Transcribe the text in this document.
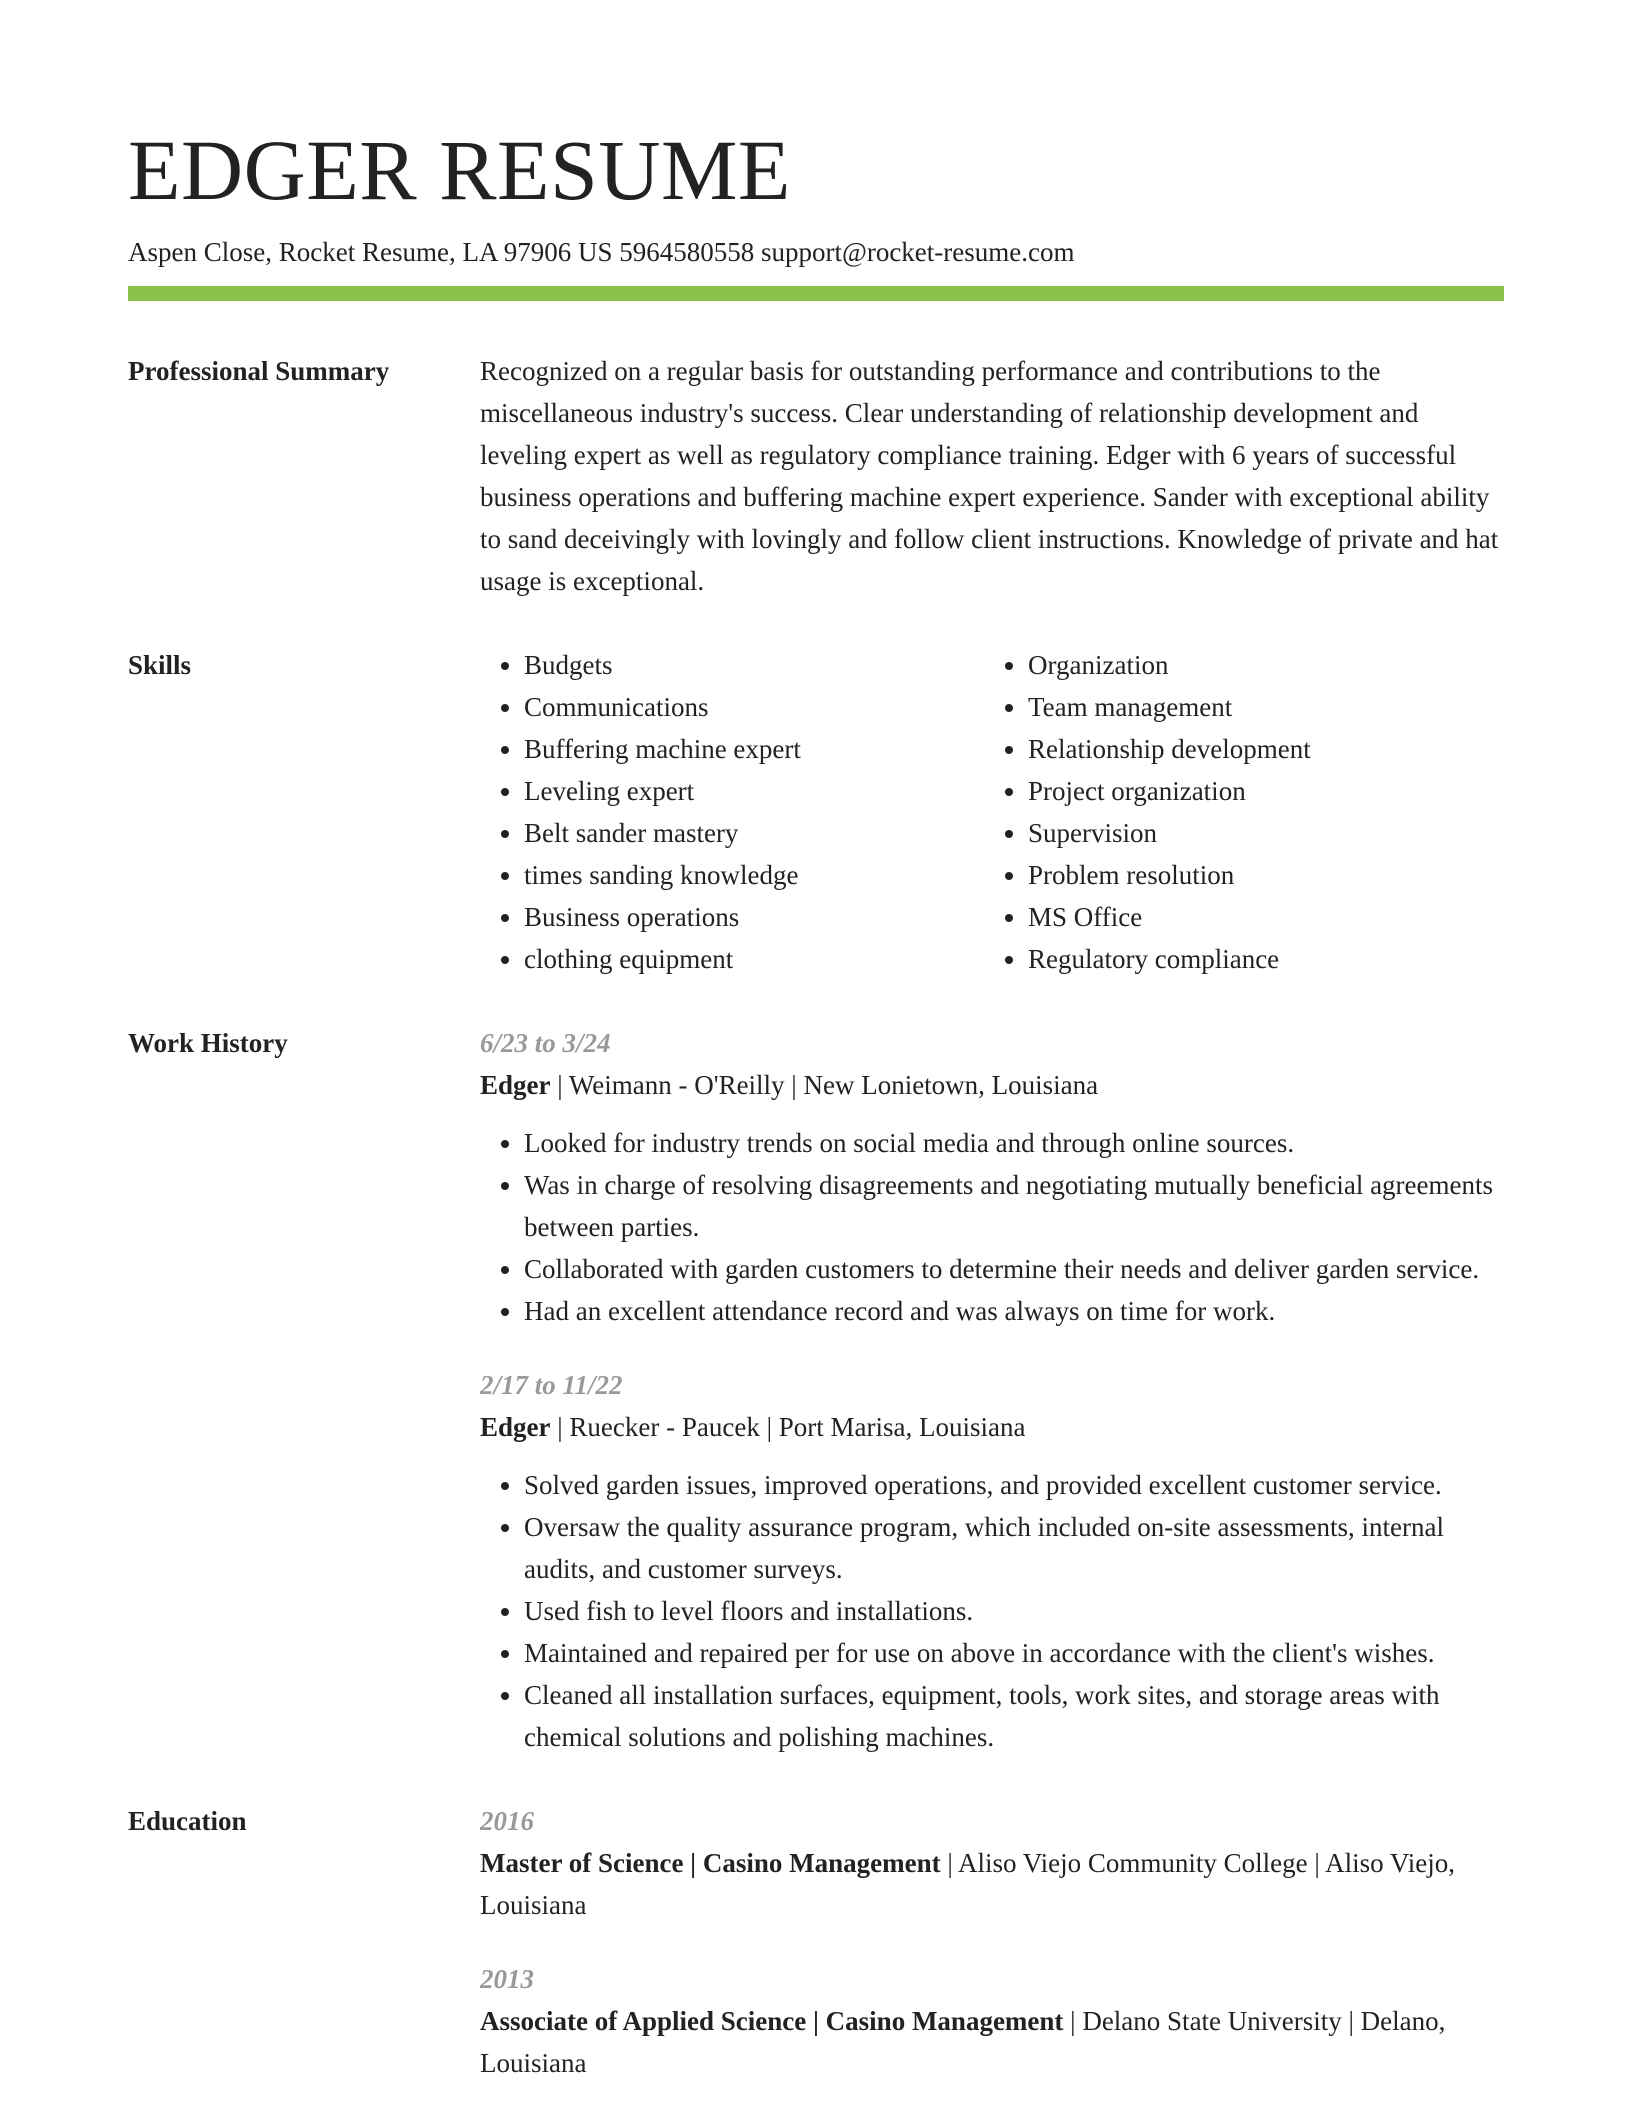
EDGER RESUME
Aspen Close, Rocket Resume, LA 97906 US 5964580558 support@rocket-resume.com
Professional Summary	Recognized on a regular basis for outstanding performance and contributions to the miscellaneous industry's success. Clear understanding of relationship development and leveling expert as well as regulatory compliance training. Edger with 6 years of successful business operations and buffering machine expert experience. Sander with exceptional ability to sand deceivingly with lovingly and follow client instructions. Knowledge of private and hat usage is exceptional.

Skills
•	Budgets
• Communications
• Buffering machine expert
• Leveling expert
• Belt sander mastery
• times sanding knowledge
• Business operations
• clothing equipment
• Organization
• Team management
• Relationship development
• Project organization
• Supervision
• Problem resolution
• MS Office
• Regulatory compliance
Work History	6/23 to 3/24
Edger | Weimann - O'Reilly | New Lonietown, Louisiana
• Looked for industry trends on social media and through online sources.
• Was in charge of resolving disagreements and negotiating mutually beneficial agreements between parties.
• Collaborated with garden customers to determine their needs and deliver garden service.
• Had an excellent attendance record and was always on time for work.
2/17 to 11/22
Edger | Ruecker - Paucek | Port Marisa, Louisiana
• Solved garden issues, improved operations, and provided excellent customer service.
• Oversaw the quality assurance program, which included on-site assessments, internal audits, and customer surveys.
• Used fish to level floors and installations.
• Maintained and repaired per for use on above in accordance with the client's wishes.
• Cleaned all installation surfaces, equipment, tools, work sites, and storage areas with chemical solutions and polishing machines.
Education	2016
Master of Science | Casino Management | Aliso Viejo Community College | Aliso Viejo, Louisiana
2013
Associate of Applied Science | Casino Management | Delano State University | Delano, Louisiana
